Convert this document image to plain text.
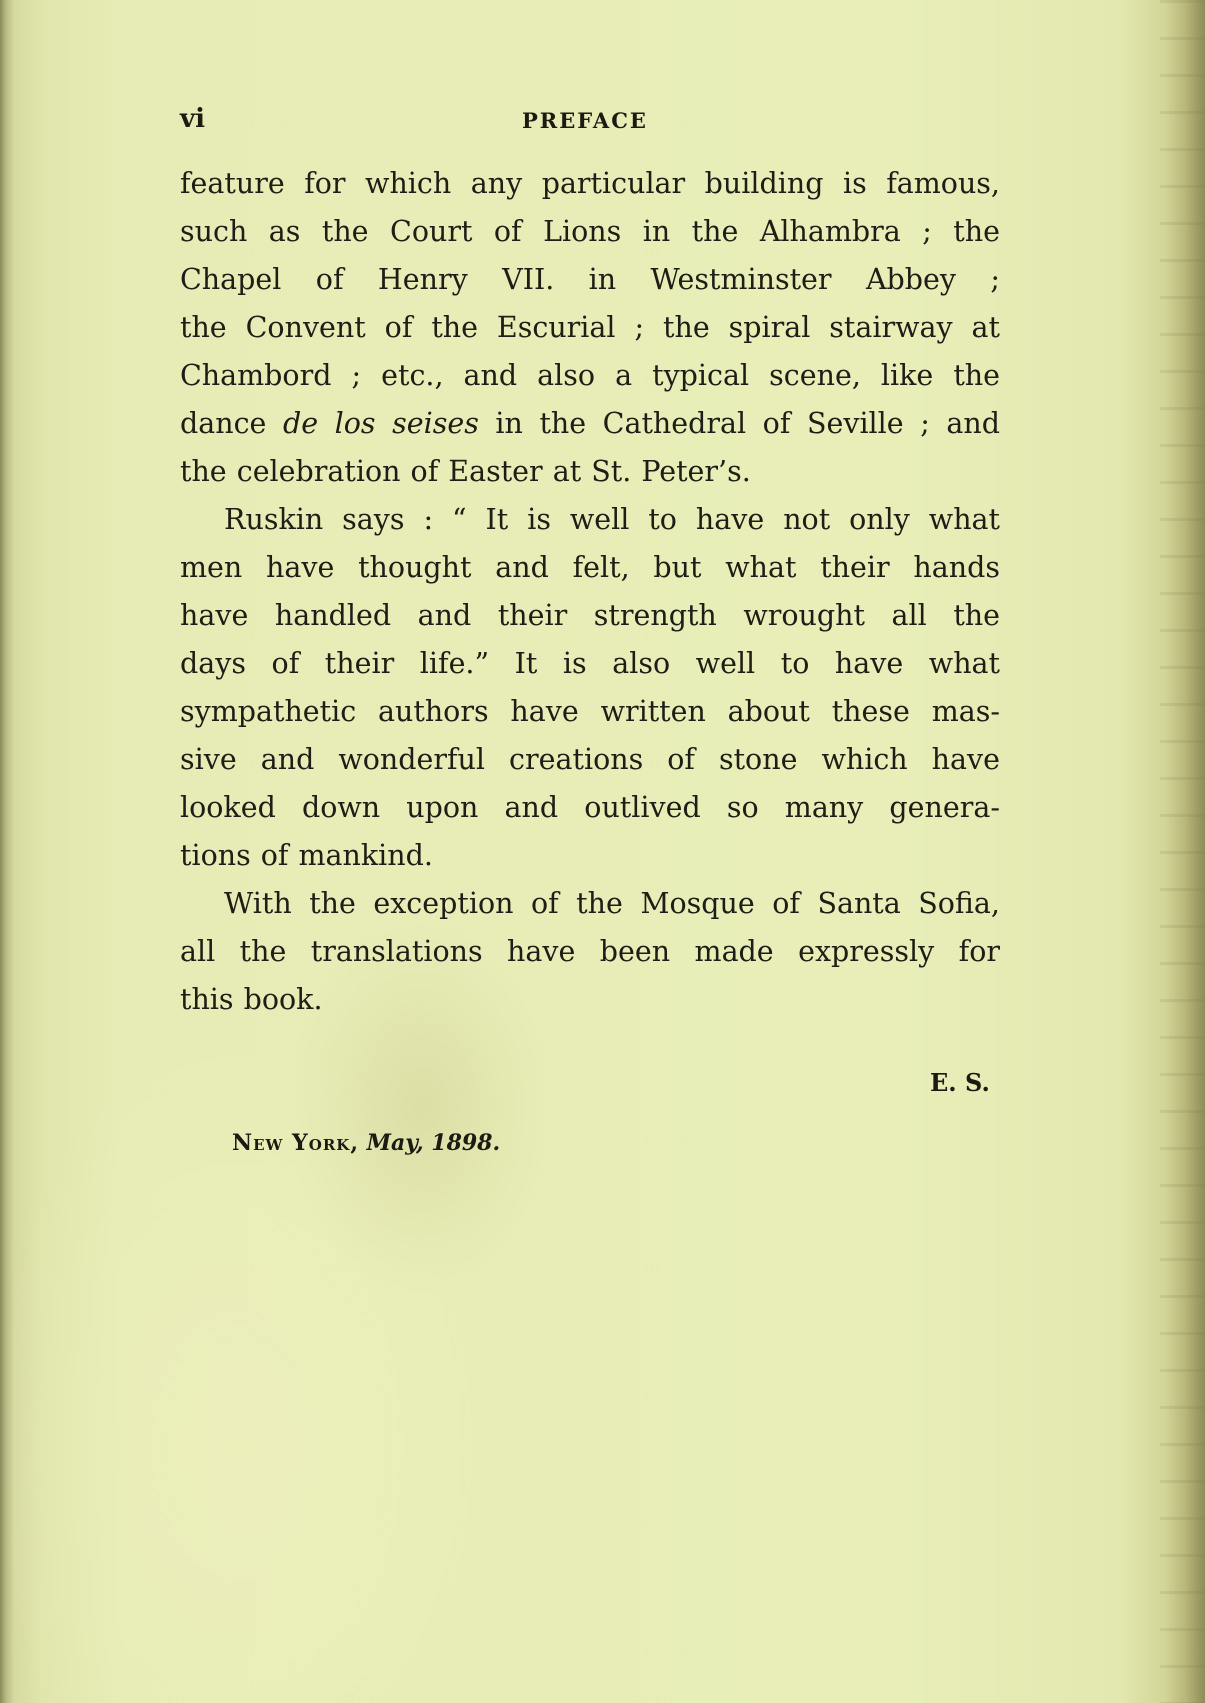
vi	PREFACE
feature for which any particular building is famous,
such as the Court of Lions in the Alhambra ; the
Chapel of Henry VII. in Westminster Abbey ;
the Convent of the Escurial ; the spiral stairway at
Chambord ; etc., and also a typical scene, like the
dance de los seises in the Cathedral of Seville ; and
the celebration of Easter at St. Peter’s.
Ruskin says : “ It is well to have not only what
men have thought and felt, but what their hands
have handled and their strength wrought all the
days of their life.” It is also well to have what
sympathetic authors have written about these mas-
sive and wonderful creations of stone which have
looked down upon and outlived so many genera-
tions of mankind.
With the exception of the Mosque of Santa Sofia,
all the translations have been made expressly for
this book.
E. S.
New York, May, 1898.
